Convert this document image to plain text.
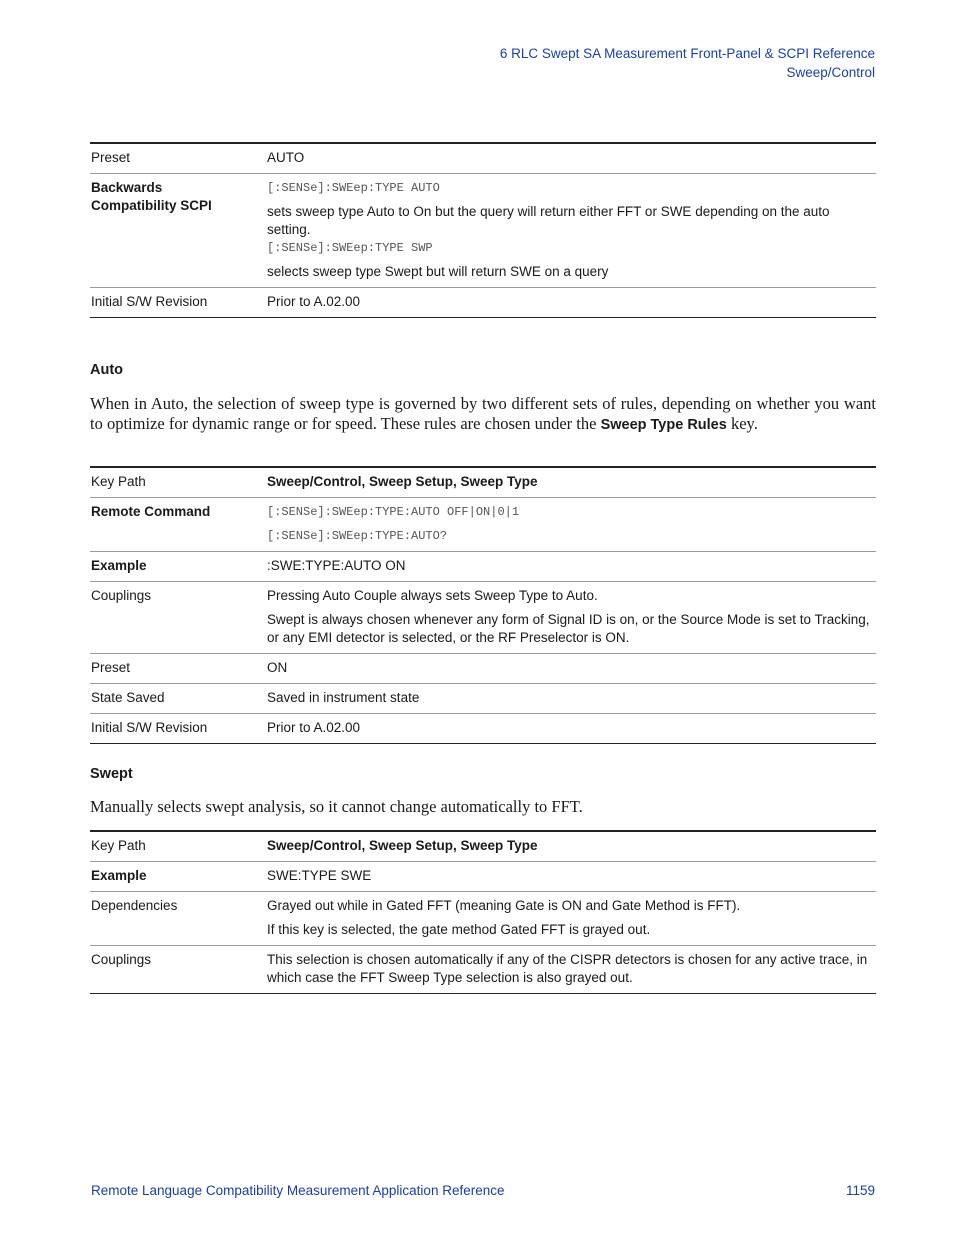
6 RLC Swept SA Measurement Front-Panel & SCPI Reference
Sweep/Control
Preset	AUTO

Backwards
Compatibility SCPI	[:SENSe]:SWEep:TYPE AUTO
sets sweep type Auto to On but the query will return either FFT or SWE depending on the auto setting.
[:SENSe]:SWEep:TYPE SWP
selects sweep type Swept but will return SWE on a query

Initial S/W Revision	Prior to A.02.00
Auto
When in Auto, the selection of sweep type is governed by two different sets of rules, depending on whether you want to optimize for dynamic range or for speed. These rules are chosen under the Sweep Type Rules key.
Key Path	Sweep/Control, Sweep Setup, Sweep Type
Remote Command	[:SENSe]:SWEep:TYPE:AUTO OFF|ON|0|1
[:SENSe]:SWEep:TYPE:AUTO?

Example	:SWE:TYPE:AUTO ON
Couplings	Pressing Auto Couple always sets Sweep Type to Auto.
Swept is always chosen whenever any form of Signal ID is on, or the Source Mode is set to Tracking, or any EMI detector is selected, or the RF Preselector is ON.

Preset	ON
State Saved	Saved in instrument state
Initial S/W Revision	Prior to A.02.00
Swept
Manually selects swept analysis, so it cannot change automatically to FFT.
Key Path	Sweep/Control, Sweep Setup, Sweep Type
Example	SWE:TYPE SWE
Dependencies	Grayed out while in Gated FFT (meaning Gate is ON and Gate Method is FFT).
If this key is selected, the gate method Gated FFT is grayed out.

Couplings	This selection is chosen automatically if any of the CISPR detectors is chosen for any active trace, in which case the FFT Sweep Type selection is also grayed out.
Remote Language Compatibility Measurement Application Reference	1159
